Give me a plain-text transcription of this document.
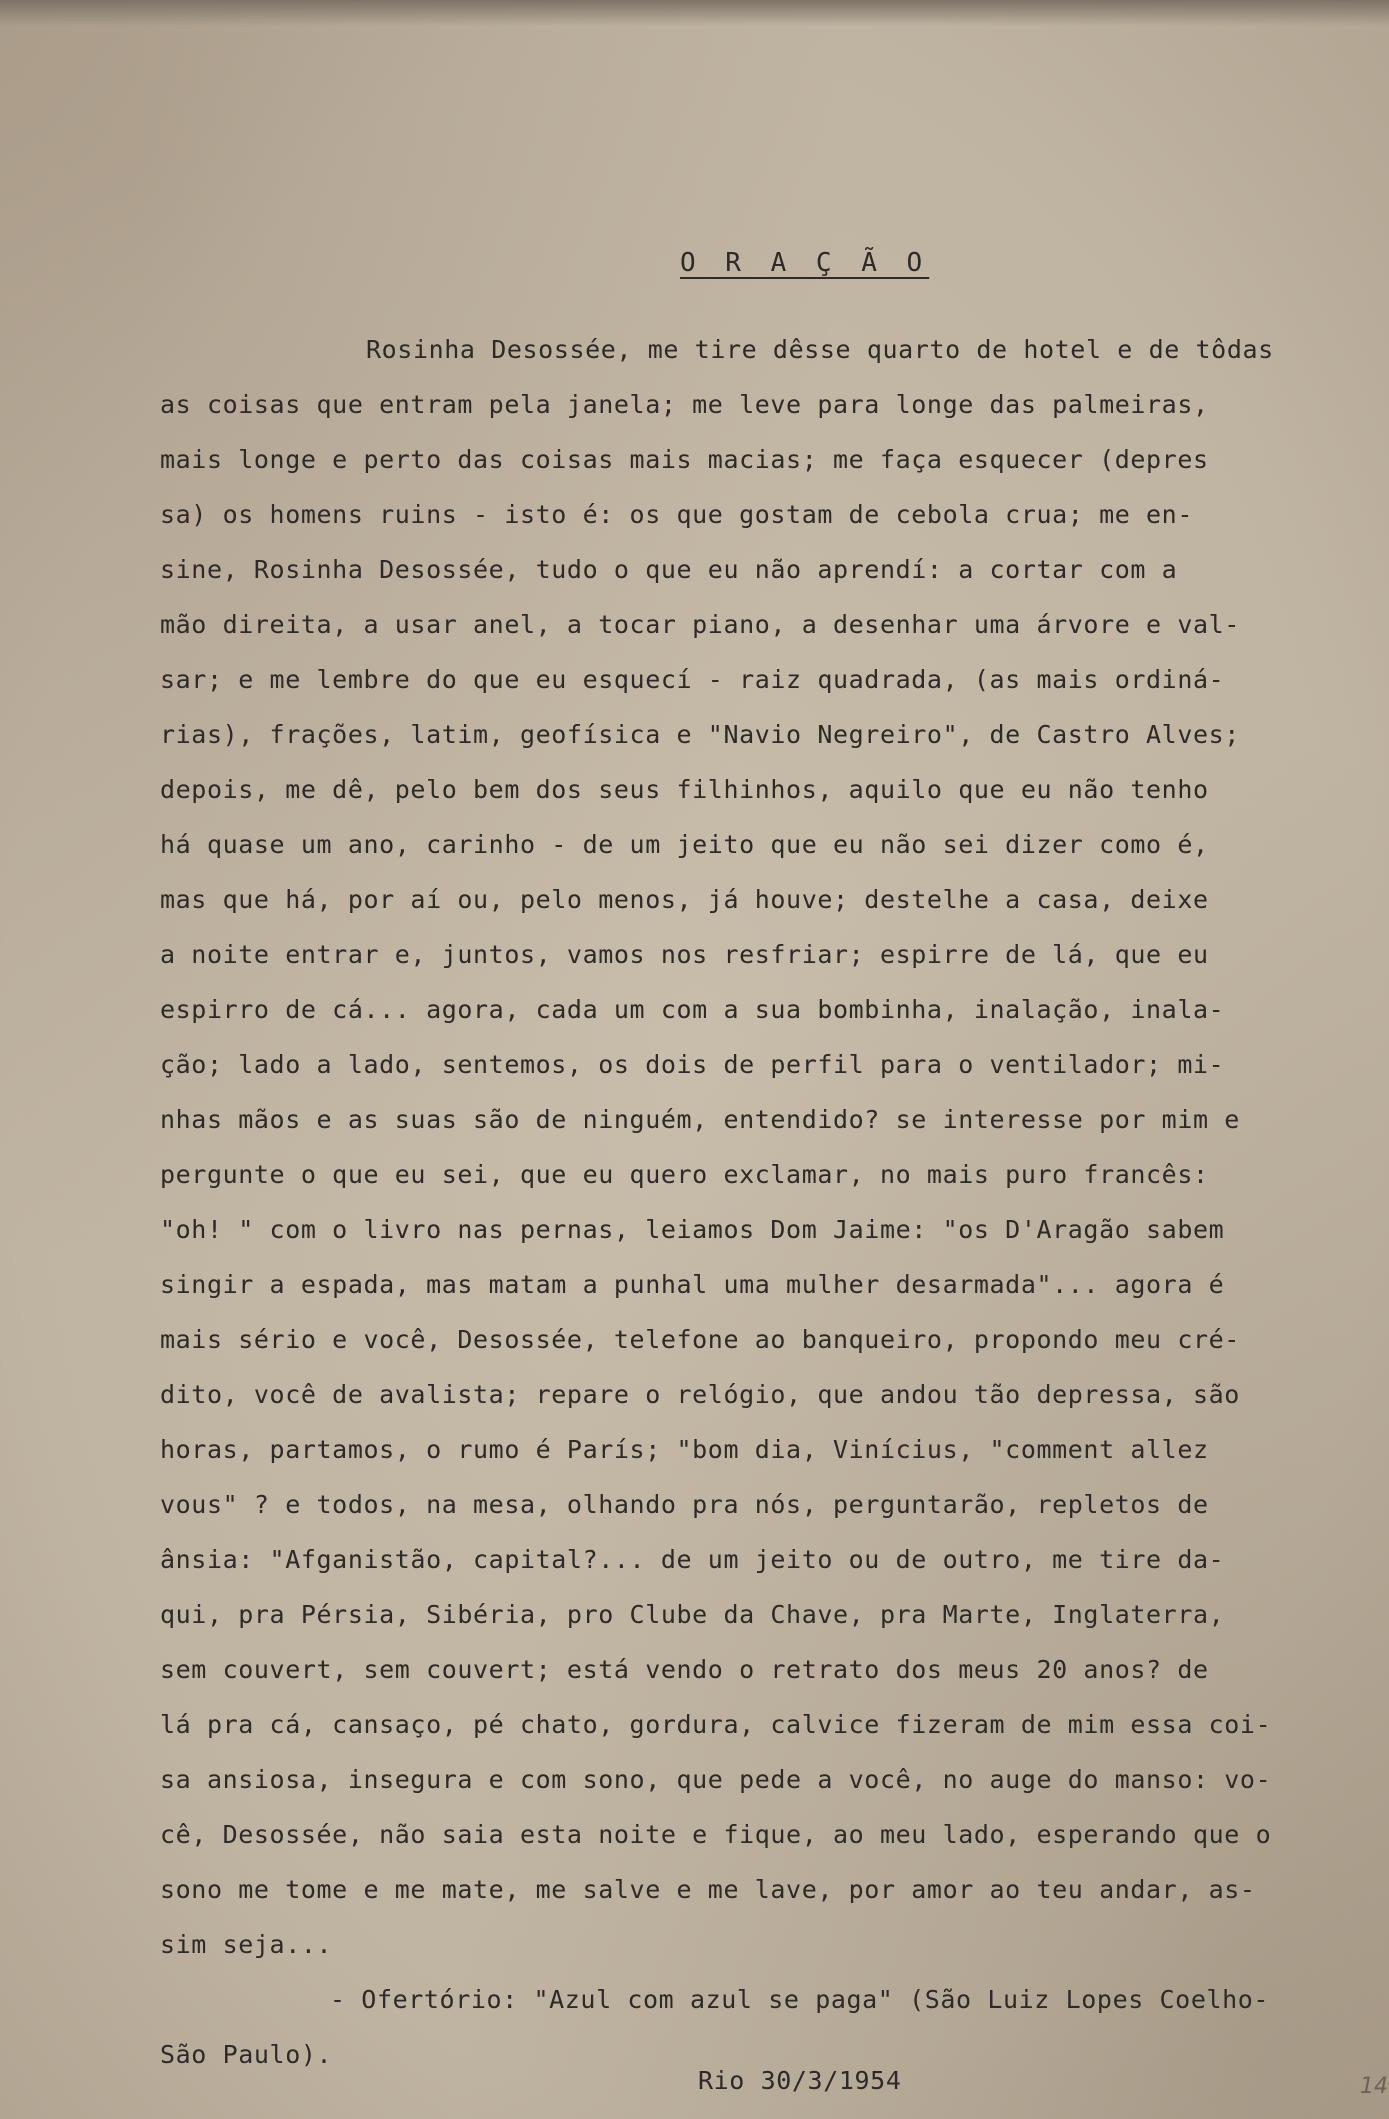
O R A Ç Ã O
Rosinha Desossée, me tire dêsse quarto de hotel e de tôdas
as coisas que entram pela janela; me leve para longe das palmeiras,
mais longe e perto das coisas mais macias; me faça esquecer (depres
sa) os homens ruins - isto é: os que gostam de cebola crua; me en-
sine, Rosinha Desossée, tudo o que eu não aprendí: a cortar com a
mão direita, a usar anel, a tocar piano, a desenhar uma árvore e val-
sar; e me lembre do que eu esquecí - raiz quadrada, (as mais ordiná-
rias), frações, latim, geofísica e "Navio Negreiro", de Castro Alves;
depois, me dê, pelo bem dos seus filhinhos, aquilo que eu não tenho
há quase um ano, carinho - de um jeito que eu não sei dizer como é,
mas que há, por aí ou, pelo menos, já houve; destelhe a casa, deixe
a noite entrar e, juntos, vamos nos resfriar; espirre de lá, que eu
espirro de cá... agora, cada um com a sua bombinha, inalação, inala-
ção; lado a lado, sentemos, os dois de perfil para o ventilador; mi-
nhas mãos e as suas são de ninguém, entendido? se interesse por mim e
pergunte o que eu sei, que eu quero exclamar, no mais puro francês:
"oh! " com o livro nas pernas, leiamos Dom Jaime: "os D'Aragão sabem
singir a espada, mas matam a punhal uma mulher desarmada"... agora é
mais sério e você, Desossée, telefone ao banqueiro, propondo meu cré-
dito, você de avalista; repare o relógio, que andou tão depressa, são
horas, partamos, o rumo é París; "bom dia, Vinícius, "comment allez
vous" ? e todos, na mesa, olhando pra nós, perguntarão, repletos de
ânsia: "Afganistão, capital?... de um jeito ou de outro, me tire da-
qui, pra Pérsia, Sibéria, pro Clube da Chave, pra Marte, Inglaterra,
sem couvert, sem couvert; está vendo o retrato dos meus 20 anos? de
lá pra cá, cansaço, pé chato, gordura, calvice fizeram de mim essa coi-
sa ansiosa, insegura e com sono, que pede a você, no auge do manso: vo-
cê, Desossée, não saia esta noite e fique, ao meu lado, esperando que o
sono me tome e me mate, me salve e me lave, por amor ao teu andar, as-
sim seja...
- Ofertório: "Azul com azul se paga" (São Luiz Lopes Coelho-
São Paulo).
Rio 30/3/1954	14
